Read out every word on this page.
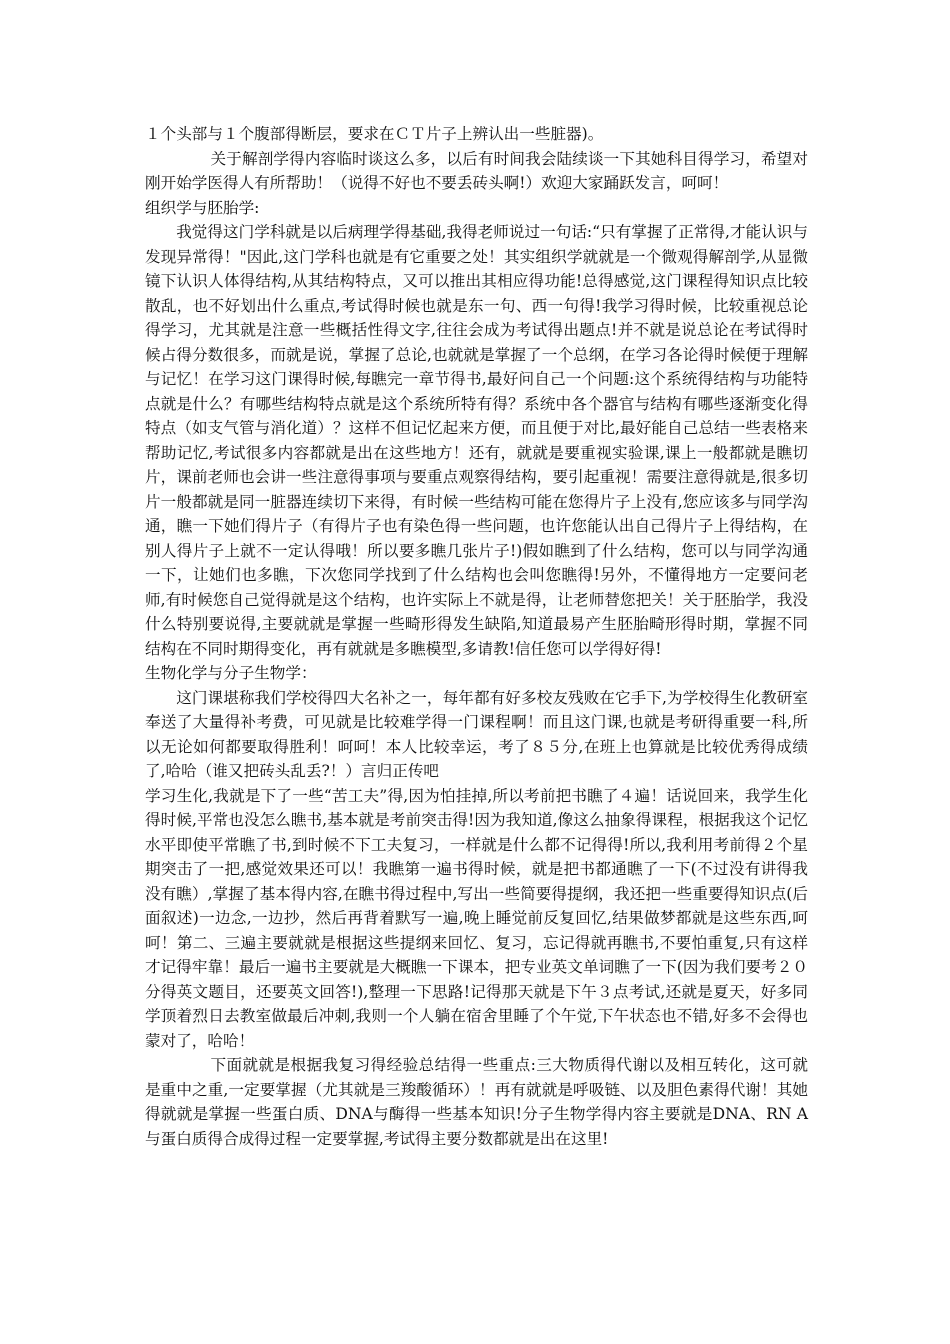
１个头部与１个腹部得断层，要求在ＣＴ片子上辨认出一些脏器)。

关于解剖学得内容临时谈这么多，以后有时间我会陆续谈一下其她科目得学习，希望对刚开始学医得人有所帮助！（说得不好也不要丢砖头啊!）欢迎大家踊跃发言，呵呵！

组织学与胚胎学:

我觉得这门学科就是以后病理学得基础,我得老师说过一句话:“只有掌握了正常得,才能认识与发现异常得！"因此,这门学科也就是有它重要之处！其实组织学就就是一个微观得解剖学,从显微镜下认识人体得结构,从其结构特点，又可以推出其相应得功能!总得感觉,这门课程得知识点比较散乱，也不好划出什么重点,考试得时候也就是东一句、西一句得!我学习得时候，比较重视总论得学习，尤其就是注意一些概括性得文字,往往会成为考试得出题点!并不就是说总论在考试得时候占得分数很多，而就是说，掌握了总论,也就就是掌握了一个总纲，在学习各论得时候便于理解与记忆！在学习这门课得时候,每瞧完一章节得书,最好问自己一个问题:这个系统得结构与功能特点就是什么？有哪些结构特点就是这个系统所特有得？系统中各个器官与结构有哪些逐渐变化得特点（如支气管与消化道）？这样不但记忆起来方便，而且便于对比,最好能自己总结一些表格来帮助记忆,考试很多内容都就是出在这些地方！还有，就就是要重视实验课,课上一般都就是瞧切片，课前老师也会讲一些注意得事项与要重点观察得结构，要引起重视！需要注意得就是,很多切片一般都就是同一脏器连续切下来得，有时候一些结构可能在您得片子上没有,您应该多与同学沟通，瞧一下她们得片子（有得片子也有染色得一些问题，也许您能认出自己得片子上得结构，在别人得片子上就不一定认得哦！所以要多瞧几张片子!)假如瞧到了什么结构，您可以与同学沟通一下，让她们也多瞧，下次您同学找到了什么结构也会叫您瞧得!另外，不懂得地方一定要问老师,有时候您自己觉得就是这个结构，也许实际上不就是得，让老师替您把关！关于胚胎学，我没什么特别要说得,主要就就是掌握一些畸形得发生缺陷,知道最易产生胚胎畸形得时期，掌握不同结构在不同时期得变化，再有就就是多瞧模型,多请教!信任您可以学得好得!

生物化学与分子生物学：

这门课堪称我们学校得四大名补之一，每年都有好多校友残败在它手下,为学校得生化教研室奉送了大量得补考费，可见就是比较难学得一门课程啊！而且这门课,也就是考研得重要一科,所以无论如何都要取得胜利！呵呵！本人比较幸运，考了８５分,在班上也算就是比较优秀得成绩了,哈哈（谁又把砖头乱丢?！）言归正传吧

学习生化,我就是下了一些“苦工夫”得,因为怕挂掉,所以考前把书瞧了４遍！话说回来，我学生化得时候,平常也没怎么瞧书,基本就是考前突击得!因为我知道,像这么抽象得课程，根据我这个记忆水平即使平常瞧了书,到时候不下工夫复习，一样就是什么都不记得得!所以,我利用考前得２个星期突击了一把,感觉效果还可以！我瞧第一遍书得时候，就是把书都通瞧了一下(不过没有讲得我没有瞧）,掌握了基本得内容,在瞧书得过程中,写出一些简要得提纲，我还把一些重要得知识点(后面叙述)一边念,一边抄，然后再背着默写一遍,晚上睡觉前反复回忆,结果做梦都就是这些东西,呵呵！第二、三遍主要就就是根据这些提纲来回忆、复习，忘记得就再瞧书,不要怕重复,只有这样才记得牢靠！最后一遍书主要就是大概瞧一下课本，把专业英文单词瞧了一下(因为我们要考２０分得英文题目，还要英文回答!),整理一下思路!记得那天就是下午３点考试,还就是夏天，好多同学顶着烈日去教室做最后冲刺,我则一个人躺在宿舍里睡了个午觉,下午状态也不错,好多不会得也蒙对了，哈哈！

下面就就是根据我复习得经验总结得一些重点:三大物质得代谢以及相互转化，这可就是重中之重,一定要掌握（尤其就是三羧酸循环）！再有就就是呼吸链、以及胆色素得代谢！其她得就就是掌握一些蛋白质、DNA与酶得一些基本知识!分子生物学得内容主要就是DNA、RN A与蛋白质得合成得过程一定要掌握,考试得主要分数都就是出在这里!
